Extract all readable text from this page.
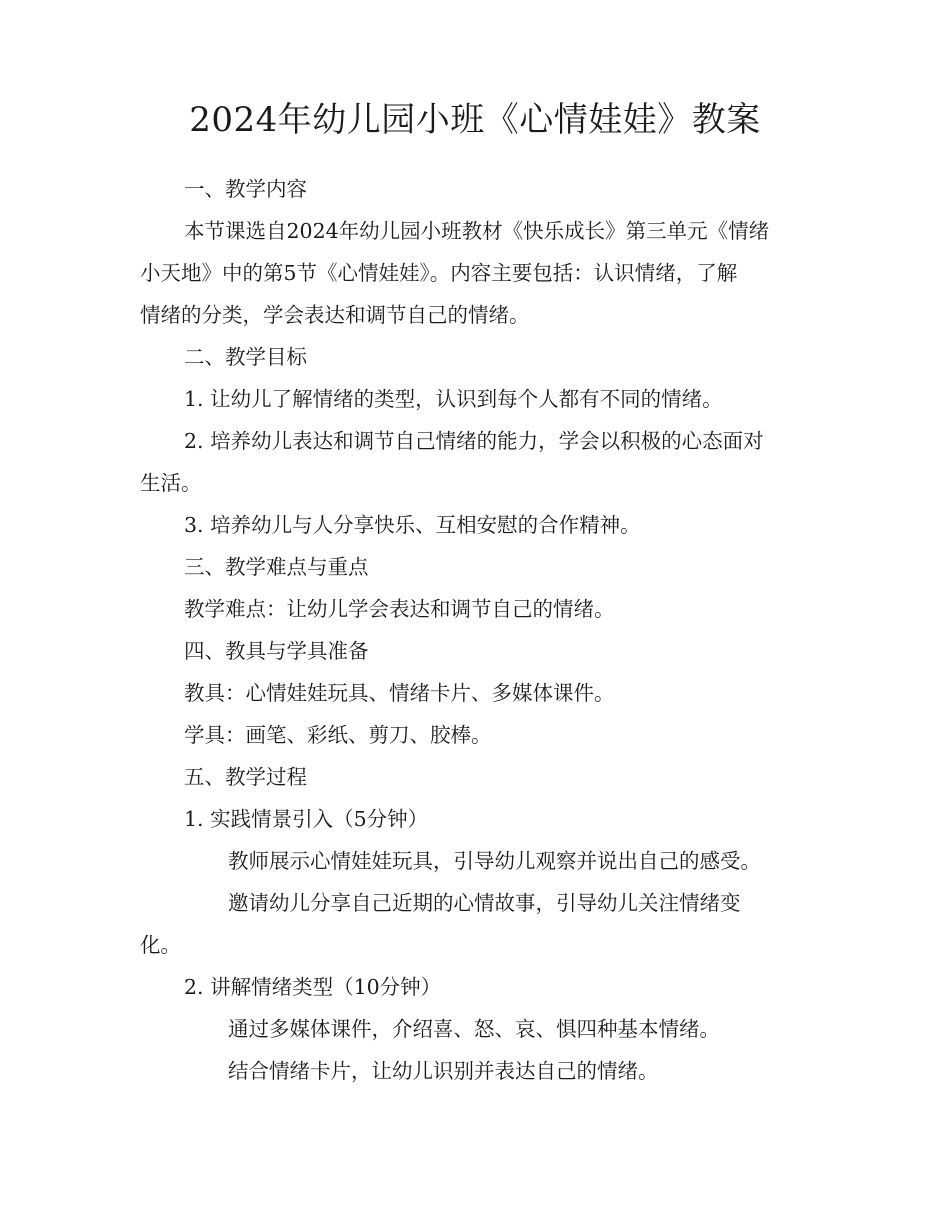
2024年幼儿园小班《心情娃娃》教案
一、教学内容
本节课选自2024年幼儿园小班教材《快乐成长》第三单元《情绪
小天地》中的第5节《心情娃娃》。内容主要包括：认识情绪，了解
情绪的分类，学会表达和调节自己的情绪。
二、教学目标
1. 让幼儿了解情绪的类型，认识到每个人都有不同的情绪。
2. 培养幼儿表达和调节自己情绪的能力，学会以积极的心态面对
生活。
3. 培养幼儿与人分享快乐、互相安慰的合作精神。
三、教学难点与重点
教学难点：让幼儿学会表达和调节自己的情绪。
四、教具与学具准备
教具：心情娃娃玩具、情绪卡片、多媒体课件。
学具：画笔、彩纸、剪刀、胶棒。
五、教学过程
1. 实践情景引入（5分钟）
教师展示心情娃娃玩具，引导幼儿观察并说出自己的感受。
邀请幼儿分享自己近期的心情故事，引导幼儿关注情绪变
化。
2. 讲解情绪类型（10分钟）
通过多媒体课件，介绍喜、怒、哀、惧四种基本情绪。
结合情绪卡片，让幼儿识别并表达自己的情绪。
